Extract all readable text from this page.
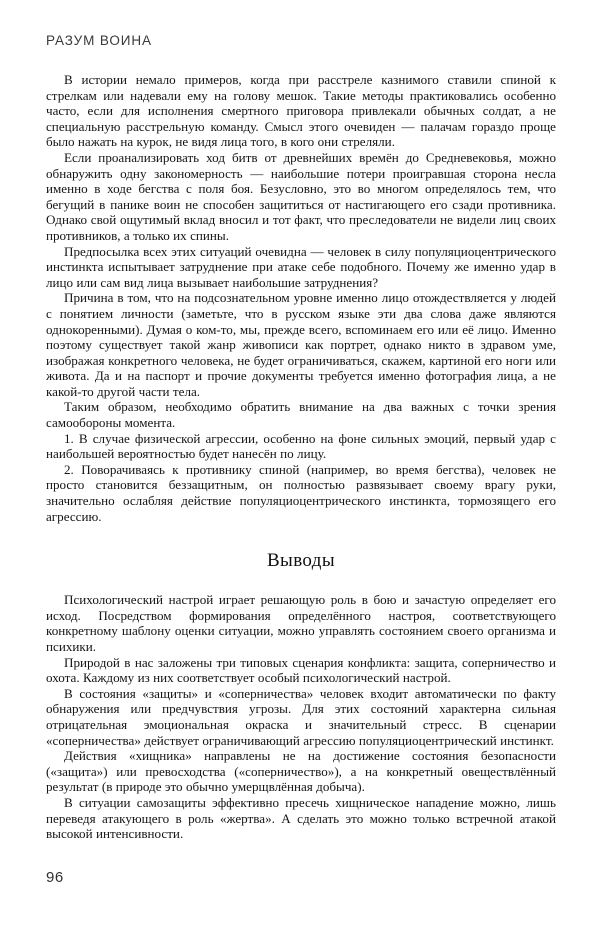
РАЗУМ ВОИНА

В истории немало примеров, когда при расстреле казнимого ставили спиной к стрелкам или надевали ему на голову мешок. Такие методы практиковались особенно часто, если для исполнения смертного приговора привлекали обычных солдат, а не специальную расстрельную команду. Смысл этого очевиден — палачам гораздо проще было нажать на курок, не видя лица того, в кого они стреляли.

Если проанализировать ход битв от древнейших времён до Средневековья, можно обнаружить одну закономерность — наибольшие потери проигравшая сторона несла именно в ходе бегства с поля боя. Безусловно, это во многом определялось тем, что бегущий в панике воин не способен защититься от настигающего его сзади противника. Однако свой ощутимый вклад вносил и тот факт, что преследователи не видели лиц своих противников, а только их спины.

Предпосылка всех этих ситуаций очевидна — человек в силу популяциоцентрического инстинкта испытывает затруднение при атаке себе подобного. Почему же именно удар в лицо или сам вид лица вызывает наибольшие затруднения?

Причина в том, что на подсознательном уровне именно лицо отождествляется у людей с понятием личности (заметьте, что в русском языке эти два слова даже являются однокоренными). Думая о ком-то, мы, прежде всего, вспоминаем его или её лицо. Именно поэтому существует такой жанр живописи как портрет, однако никто в здравом уме, изображая конкретного человека, не будет ограничиваться, скажем, картиной его ноги или живота. Да и на паспорт и прочие документы требуется именно фотография лица, а не какой-то другой части тела.

Таким образом, необходимо обратить внимание на два важных с точки зрения самообороны момента.

1. В случае физической агрессии, особенно на фоне сильных эмоций, первый удар с наибольшей вероятностью будет нанесён по лицу.

2. Поворачиваясь к противнику спиной (например, во время бегства), человек не просто становится беззащитным, он полностью развязывает своему врагу руки, значительно ослабляя действие популяциоцентрического инстинкта, тормозящего его агрессию.

Выводы

Психологический настрой играет решающую роль в бою и зачастую определяет его исход. Посредством формирования определённого настроя, соответствующего конкретному шаблону оценки ситуации, можно управлять состоянием своего организма и психики.

Природой в нас заложены три типовых сценария конфликта: защита, соперничество и охота. Каждому из них соответствует особый психологический настрой.

В состояния «защиты» и «соперничества» человек входит автоматически по факту обнаружения или предчувствия угрозы. Для этих состояний характерна сильная отрицательная эмоциональная окраска и значительный стресс. В сценарии «соперничества» действует ограничивающий агрессию популяциоцентрический инстинкт.

Действия «хищника» направлены не на достижение состояния безопасности («защита») или превосходства («соперничество»), а на конкретный овеществлённый результат (в природе это обычно умерщвлённая добыча).

В ситуации самозащиты эффективно пресечь хищническое нападение можно, лишь переведя атакующего в роль «жертва». А сделать это можно только встречной атакой высокой интенсивности.

96
